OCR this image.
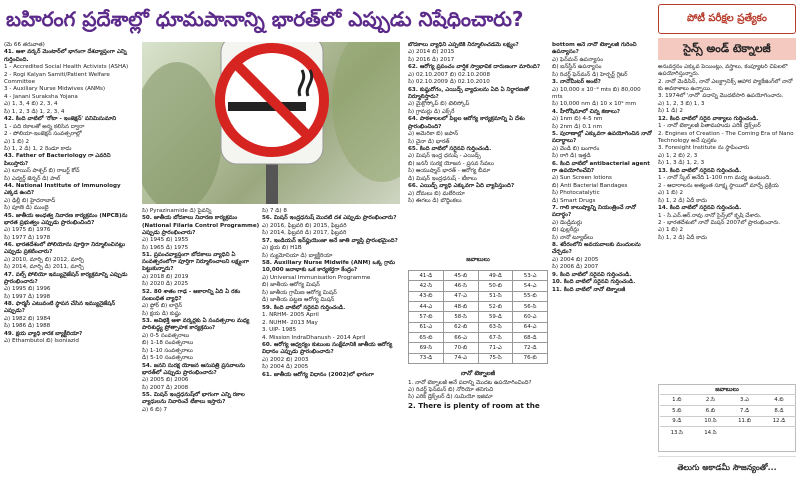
బహిరంగ ప్రదేశాల్లో ధూమపానాన్ని భారత్‌లో ఎప్పుడు నిషేధించారు?	పోటీ పరీక్షల ప్రత్యేకం
సైన్స్ అండ్ టెక్నాలజీ

(మే 66 తరువాత)

41. ఆశా వర్కర్ మెంటార్‌లో భాగంగా దేశవ్యాప్తంగా ఎన్ని గుర్తించింది.

1 - Accredited Social Health Activists (ASHA)

2 - Rogi Kalyan Samiti/Patient Welfare Committee

3 - Auxiliary Nurse Midwives (ANMs)

4 - Janani Suraksha Yojana

ఎ) 1, 3, 4 బి) 2, 3, 4

సి) 1, 2, 3 డి) 1, 2, 3, 4

42. కింది వాటిలో 'రోటా - ఇంజెక్షన్' పనిమిసుమాని

1 - పది రకాలతో అన్న కలిసిన ద్వారా

2 - పోలియా-ఇంజెక్షన్ సంవత్సరాల్లో

ఎ) 1 బి) 2

సి) 1, 2 డి) 1, 2 రెండూ కాదు

43. Father of Bacteriology గా ఎవరిని పిలుస్తారు?

ఎ) లూయిస్ పాశ్చర్ బి) రాబర్ట్ కోచ్

సి) ఎడ్వర్డ్ జెన్నర్ డి) పాల్

44. National Institute of Immunology ఎక్కడ ఉంది?

ఎ) ఢిల్లీ బి) హైదరాబాద్

సి) పూణె డి) ముంబై

45. జాతీయ అంధత్వ నివారణ కార్యక్రమం (NPCB)ను భారత ప్రభుత్వం ఎప్పుడు ప్రారంభించింది?

ఎ) 1975 బి) 1976

సి) 1977 డి) 1978

46. భారతదేశంలో పోలియోను పూర్తిగా నిర్మూలించినట్లు ఎప్పుడు ప్రకటించారు?

ఎ) 2010, మార్చి బి) 2012, మార్చి

సి) 2014, మార్చి డి) 2011, మార్చి

47. పల్స్ పోలియో ఇమ్యునైజేషన్ కార్యక్రమాన్ని ఎప్పుడు ప్రారంభించారు?

ఎ) 1995 బి) 1996

సి) 1997 డి) 1998

48. ఫార్మసీ ఎటువంటి స్థాపన చేసిన ఇమ్యునైజేషన్ ఎప్పుడు?

ఎ) 1982 బి) 1984

సి) 1986 డి) 1988

49. క్షయ వ్యాధి కారక బ్యాక్టీరియా?

ఎ) Ethambutol బి) Isoniazid

సి) Pyrazinamide డి) పైవన్నీ

50. జాతీయ బోదకాలు నివారణ కార్యక్రమం (National Filaria Control Programme) ఎప్పుడు ప్రారంభించారు?

ఎ) 1945 బి) 1955

సి) 1965 డి) 1975

51. ప్రపంచవ్యాప్తంగా బోదకాలు వ్యాధిని ఏ సంవత్సరంలోగా పూర్తిగా నిర్మూలించాలని లక్ష్యంగా పెట్టుకున్నారు?

ఎ) 2018 బి) 2019

సి) 2020 డి) 2025

52. 80 శాతం గాఢ - ఆకారాన్ని ఏది ఏ రకం సంబంధిత వ్యాధి?

ఎ) ఫ్లోర్ బి) లారైన్

సి) క్షయ డి) కుష్టు

53. అవిభక్తి ఆశా వర్కర్లకు ఏ సంవత్సరాల మధ్య పారిశుద్ధ్య ప్రోత్సాహక కార్యక్రమం?

ఎ) 0-5 సంవత్సరాలు

బి) 1-18 సంవత్సరాలు

సి) 1-10 సంవత్సరాలు

డి) 5-10 సంవత్సరాలు

54. జనని సురక్ష యోజన ఆసుపత్రి ప్రసవాలను భారత్‌లో ఎప్పుడు ప్రారంభించారు?

ఎ) 2005 బి) 2006

సి) 2007 డి) 2008

55. మిషన్ ఇంద్రధనుష్‌లో భాగంగా ఎన్ని రకాల వ్యాధులను నివారించే టీకాలు ఇస్తారు?

ఎ) 6 బి) 7

సి) 7 డి) 8

56. మిషన్ ఇంద్రధనుష్ మొదటి దశ ఎప్పుడు ప్రారంభించారు?

ఎ) 2016, ఫిబ్రవరి బి) 2015, ఫిబ్రవరి

సి) 2014, ఫిబ్రవరి డి) 2017, ఫిబ్రవరి

57. ఇండియన్ ఇన్‌ఫ్లుయెంజా అనే జాతి వ్యాప్తి ప్రారంభమైంది?

ఎ) క్షయ బి) H1B

సి) న్యుమోనియా డి) బ్యాక్టీరియా

58. Auxiliary Nurse Midwife (ANM) ఒక్క గ్రామ 10,000 జనాభాకు ఒక కార్యకర్తగా కేంద్రం?

ఎ) Universal Immunisation Programme

బి) జాతీయ ఆరోగ్య మిషన్

సి) జాతీయ గ్రామీణ ఆరోగ్య మిషన్

డి) జాతీయ పట్టణ ఆరోగ్య మిషన్

59. కింది వాటిలో సరైనవి గుర్తించండి.

1. NRHM- 2005 April

2. NUHM- 2013 May

3. UIP- 1985

4. Mission IndraDhanush - 2014 April

60. ఆరోగ్య ఆధ్వర్యం కుటుంబ సంక్షేమానికి జాతీయ ఆరోగ్య విధానం ఎప్పుడు ప్రారంభించారు?

ఎ) 2002 బి) 2003

సి) 2004 డి) 2005

61. జాతీయ ఆరోగ్య విధానం (2002)లో భాగంగా

బోదకాలు వ్యాధిని ఎప్పటికి నిర్మూలించడమే లక్ష్యం?

ఎ) 2014 బి) 2015

సి) 2016 డి) 2017

62. ఆరోగ్య ప్రపంచం వార్షిక స్వాభావిక దారుణంగా మారింది?

ఎ) 02.10.2007 బి) 02.10.2008

సి) 02.10.2009 డి) 02.10.2010

63. కుష్ఠురోగం, ఎయిడ్స్ వ్యాధులను ఏది ఏ నిర్ధారణతో నిర్మూలిస్తారు?

ఎ) మైక్రోస్కోప్ బి) టెలిస్కోప్

సి) గ్రామర్లు డి) ఎక్స్‌రే

64. పాఠశాలలలో పిల్లల ఆరోగ్య కార్యక్రమాన్ని ఏ దేశం ప్రారంభించింది?

ఎ) అమెరికా బి) జపాన్

సి) చైనా డి) భారత్

65. కింది వాటిలో సరైనవి గుర్తించండి.

ఎ) మిషన్ ఇంద్ర ధనుష్ - ఎయిడ్స్

బి) జననీ సురక్ష యోజన - ప్రసవ సేవలు

సి) ఆయుష్మాన్ భారత్ - ఆరోగ్య బీమా

డి) మిషన్ ఇంద్రధనుష్ - టీకాలు

66. ఎయిడ్స్ వ్యాధి ఎక్కువగా ఏది వ్యాపిస్తుంది?

ఎ) దోమలు బి) మలేరియా

సి) ఈగలు డి) బొద్దింకలు

జవాబులు
41-డి	45-బి	49-డి	53-ఎ
42-సి	46-సి	50-బి	54-ఎ
43-బి	47-ఎ	51-సి	55-బి
44-ఎ	48-బి	52-బి	56-సి
57-బి	58-సి	59-డి	60-ఎ
61-ఎ	62-బి	63-సి	64-ఎ
65-బి	66-ఎ	67-సి	68-డి
69-సి	70-బి	71-ఎ	72-డి
73-డి	74-ఎ	75-సి	76-బి
నానో టెక్నాలజీ

1. నానో టెక్నాలజీ అనే పదాన్ని మొదట ఉపయోగించింది?

ఎ) రిచర్డ్ ఫెన్‌మన్ బి) నోరియో తనిగుచి

సి) ఎరిక్ డ్రెక్స్‌లర్ డి) సుమియో ఇజిమా

2. There is plenty of room at the

bottom అనే నానో టెక్నాలజీ గురించి ఉపన్యాసం?

ఎ) ఫెన్‌మన్ ఉపన్యాసం

బి) ఐన్‌స్టీన్ ఉపన్యాసం

సి) రిచర్డ్ ఫెన్‌మన్ డి) హెర్బర్ట్ గ్లెటర్

3. నానోమీటర్ అంటే?

ఎ) 10,000 x 10⁻⁹ mts బి) 80,000 mts

సి) 10,000 nm డి) 10 x 10⁹ mm

4. హీరోషిమాలో చిన్న కణాలు?

ఎ) 1nm బి) 4-5 nm

సి) 2nm డి) 0.1 nm

5. పురాణాల్లో ఎక్కువగా ఉపయోగించిన నానో పదార్థాలు?

ఎ) వెండి బి) బంగారం

సి) రాగి డి) ఇత్తడి

6. కింది వాటిలో antibacterial agent గా ఉపయోగించేవి?

ఎ) Sun Screen lotions

బి) Anti Bacterial Bandages

సి) Photocatalytic

డి) Smart Drugs

7. గాలి కాలుష్యాన్ని నియంత్రించే నానో పదార్థం?

ఎ) డెండ్రిమర్లు

బి) ఫుల్లరీన్లు

సి) నానో ట్యూబ్‌లు

8. శరీరంలోని అవయవాలకు మందులను చేర్చడం?

ఎ) 2004 బి) 2005

సి) 2006 డి) 2007

9. కింది వాటిలో సరైనవి గుర్తించండి.

10. కింది వాటిలో సరైనవి గుర్తించండి.

11. కింది వాటిలో నానో టెక్నాలజీ

అనువర్తనం ఎక్కువ పెయింట్లు, వస్త్రాలు, కంప్యూటర్ చిప్‌లలో ఉపయోగిస్తున్నారు.

2. నానో మెడిసిన్, నానో ఎలక్ట్రానిక్స్ ఆహార ప్యాకేజింగ్‌లో నానో కు అవకాశాలు ఉన్నాయి.

3. 1974లో 'నానో' పదాన్ని మొదటిసారి ఉపయోగించారు.

ఎ) 1, 2, 3 బి) 1, 3

సి) 1 డి) 2

12. కింది వాటిలో సరైన వాక్యాలు గుర్తించండి.

1 - నానో టెక్నాలజీ పితామహుడు ఎరిక్ డ్రెక్స్‌లర్

2. Engines of Creation - The Coming Era of Nano Technology అనే పుస్తకం

3. Foresight Institute ను స్థాపించారు

ఎ) 1, 2 బి) 2, 3

సి) 1, 3 డి) 1, 2, 3

13. కింది వాటిలో సరైనవి గుర్తించండి.

1 - నానో స్కేల్ అనేది 1-100 nm మధ్య ఉంటుంది.

2 - ఆదారాలను అత్యంత సూక్ష్మ స్థాయిలో మార్చే ప్రక్రియ

ఎ) 1 బి) 2

సి) 1, 2 డి) ఏదీ కాదు

14. కింది వాటిలో సరైనవి గుర్తించండి.

1 - సి.ఎన్.ఆర్.రావు నానో సైన్స్‌లో కృషి చేశారు.

2 - భారతదేశంలో నానో మిషన్ 2007లో ప్రారంభించారు.

ఎ) 1 బి) 2

సి) 1, 2 డి) ఏదీ కాదు

జవాబులు
1.బి	2.సి	3.ఎ	4.బి
5.బి	6.బి	7.డి	8.డి
9.డి	10.సి	11.బి	12.డి
13.సి	14.సి		
తెలుగు అకాడమీ సౌజన్యంతో...
